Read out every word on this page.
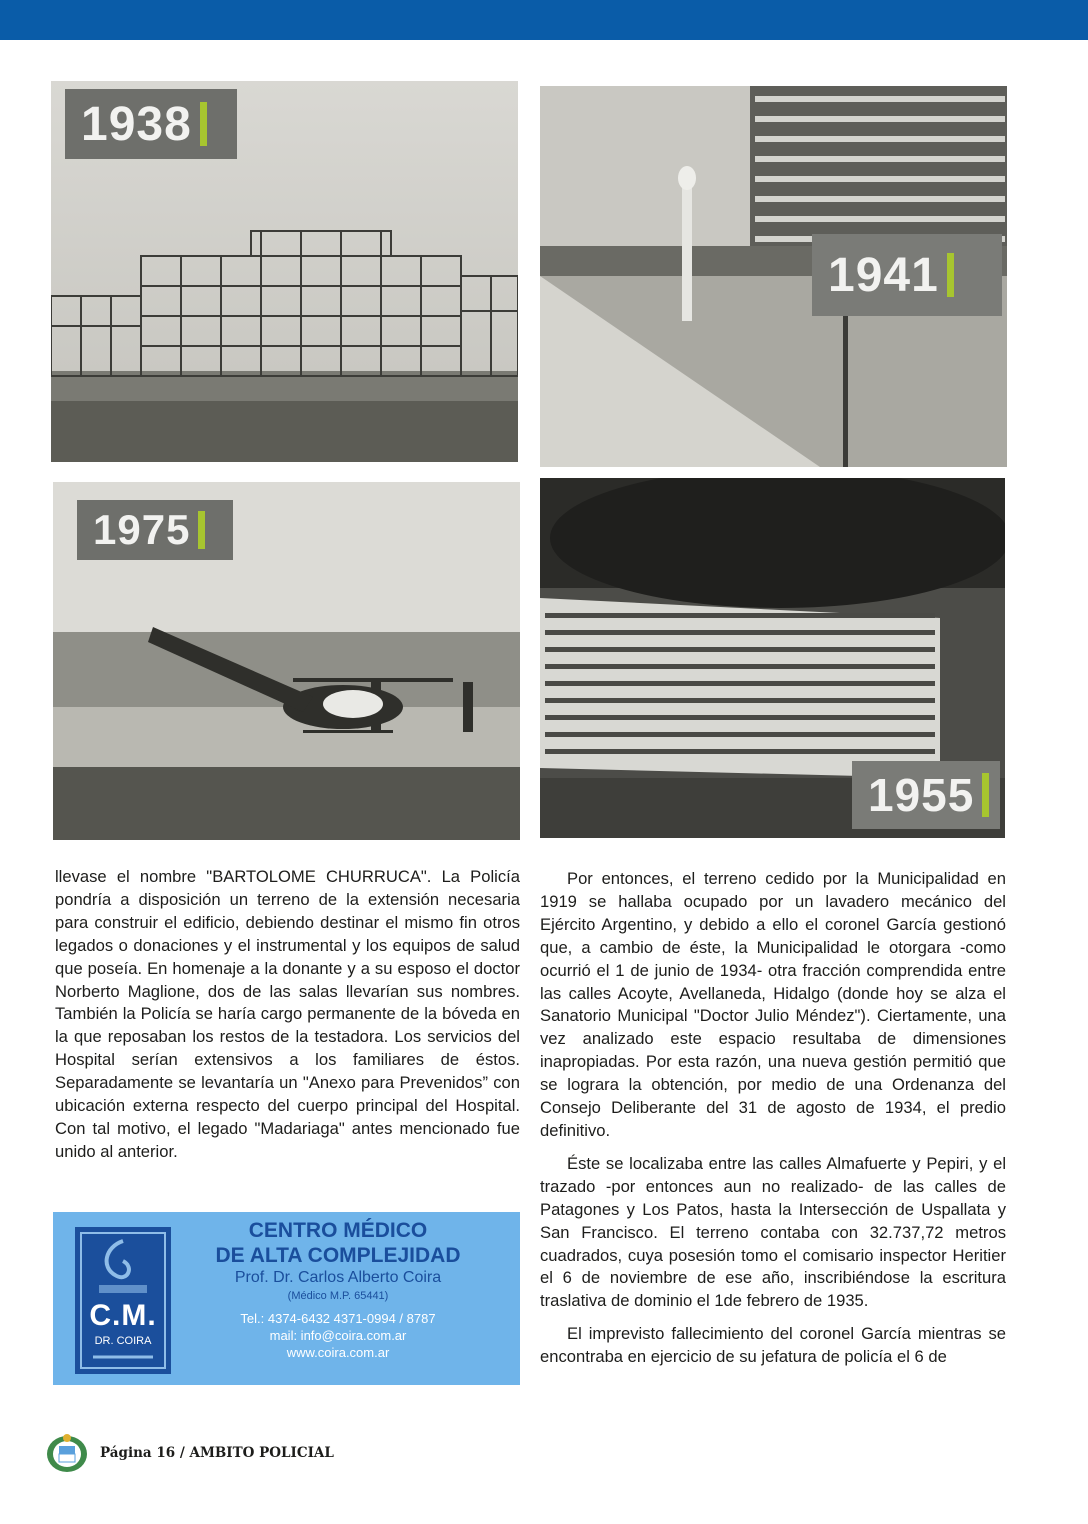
1938
1941
1975
1955

llevase el nombre "BARTOLOME CHURRUCA". La Policía pondría a disposición un terreno de la extensión necesaria para construir el edificio, debiendo destinar el mismo fin otros legados o donaciones y el instrumental y los equipos de salud que poseía. En homenaje a la donante y a su esposo el doctor Norberto Maglione, dos de las salas llevarían sus nombres. También la Policía se haría cargo permanente de la bóveda en la que reposaban los restos de la testadora. Los servicios del Hospital serían extensivos a los familiares de éstos. Separadamente se levantaría un "Anexo para Prevenidos” con ubicación externa respecto del cuerpo principal del Hospital. Con tal motivo, el legado "Madariaga" antes mencionado fue unido al anterior.

Por entonces, el terreno cedido por la Municipalidad en 1919 se hallaba ocupado por un lavadero mecánico del Ejército Argentino, y debido a ello el coronel García gestionó que, a cambio de éste, la Municipalidad le otorgara -como ocurrió el 1 de junio de 1934- otra fracción comprendida entre las calles Acoyte, Avellaneda, Hidalgo (donde hoy se alza el Sanatorio Municipal "Doctor Julio Méndez"). Ciertamente, una vez analizado este espacio resultaba de dimensiones inapropiadas. Por esta razón, una nueva gestión permitió que se lograra la obtención, por medio de una Ordenanza del Consejo Deliberante del 31 de agosto de 1934, el predio definitivo.

Éste se localizaba entre las calles Almafuerte y Pepiri, y el trazado -por entonces aun no realizado- de las calles de Patagones y Los Patos, hasta la Intersección de Uspallata y San Francisco. El terreno contaba con 32.737,72 metros cuadrados, cuya posesión tomo el comisario inspector Heritier el 6 de noviembre de ese año, inscribiéndose la escritura traslativa de dominio el 1de febrero de 1935.

El imprevisto fallecimiento del coronel García mientras se encontraba en ejercicio de su jefatura de policía el 6 de

C.M.
DR. COIRA
CENTRO MÉDICO
DE ALTA COMPLEJIDAD
Prof. Dr. Carlos Alberto Coira
(Médico M.P. 65441)
Tel.: 4374-6432 4371-0994 / 8787
mail: info@coira.com.ar
www.coira.com.ar
Página 16 / AMBITO POLICIAL
